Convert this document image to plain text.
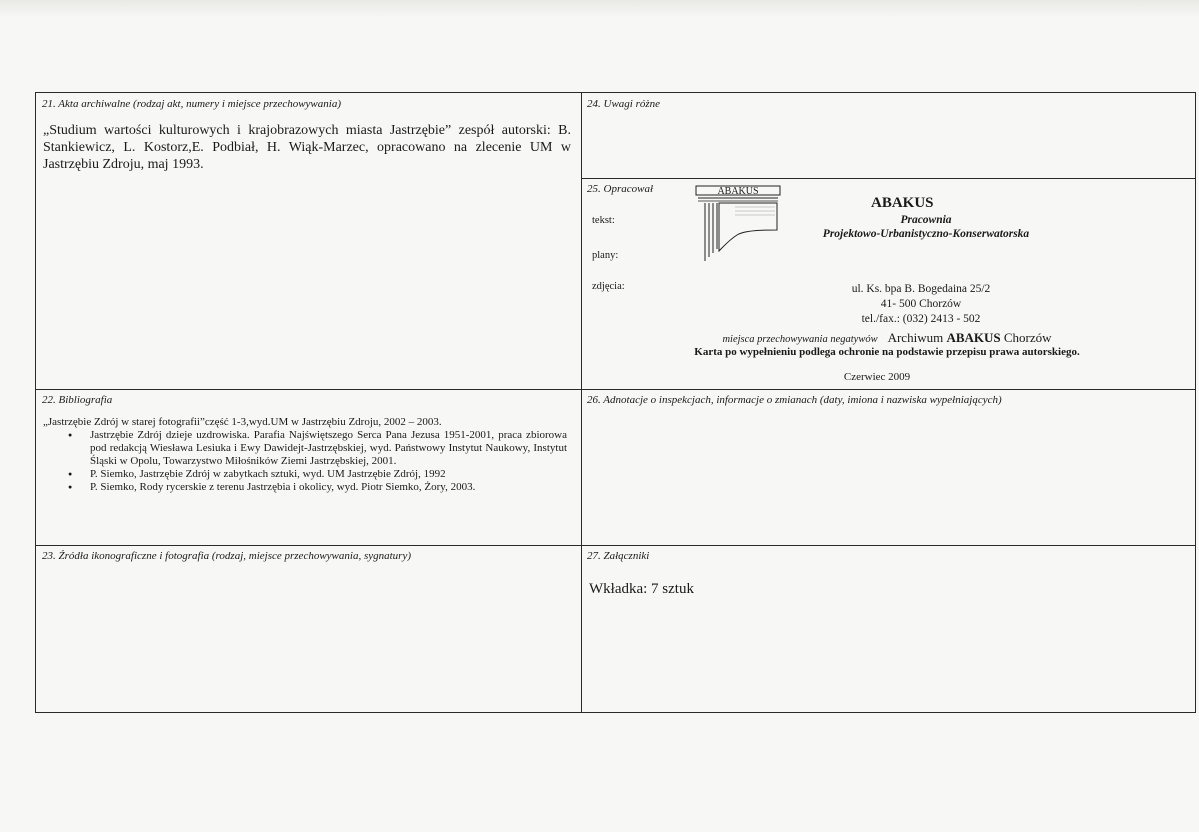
21. Akta archiwalne (rodzaj akt, numery i miejsce przechowywania)
„Studium wartości kulturowych i krajobrazowych miasta Jastrzębie” zespół autorski: B. Stankiewicz, L. Kostorz,E. Podbiał, H. Wiąk-Marzec, opracowano na zlecenie UM w Jastrzębiu Zdroju, maj 1993.
22. Bibliografia
„Jastrzębie Zdrój w starej fotografii”część 1-3,wyd.UM w Jastrzębiu Zdroju, 2002 – 2003.
● Jastrzębie Zdrój dzieje uzdrowiska. Parafia Najświętszego Serca Pana Jezusa 1951-2001, praca zbiorowa pod redakcją Wiesława Lesiuka i Ewy Dawidejt-Jastrzębskiej, wyd. Państwowy Instytut Naukowy, Instytut Śląski w Opolu, Towarzystwo Miłośników Ziemi Jastrzębskiej, 2001.
● P. Siemko, Jastrzębie Zdrój w zabytkach sztuki, wyd. UM Jastrzębie Zdrój, 1992
● P. Siemko, Rody rycerskie z terenu Jastrzębia i okolicy, wyd. Piotr Siemko, Żory, 2003.
23. Źródła ikonograficzne i fotografia (rodzaj, miejsce przechowywania, sygnatury)
24. Uwagi różne
25. Opracował
tekst:
plany:
zdjęcia:
ABAKUS
ABAKUS
Pracownia
Projektowo-Urbanistyczno-Konserwatorska
ul. Ks. bpa B. Bogedaina 25/2
41- 500 Chorzów
tel./fax.: (032) 2413 - 502
miejsca przechowywania negatywów Archiwum ABAKUS Chorzów
Karta po wypełnieniu podlega ochronie na podstawie przepisu prawa autorskiego.
Czerwiec 2009
26. Adnotacje o inspekcjach, informacje o zmianach (daty, imiona i nazwiska wypełniających)
27. Załączniki
Wkładka: 7 sztuk
